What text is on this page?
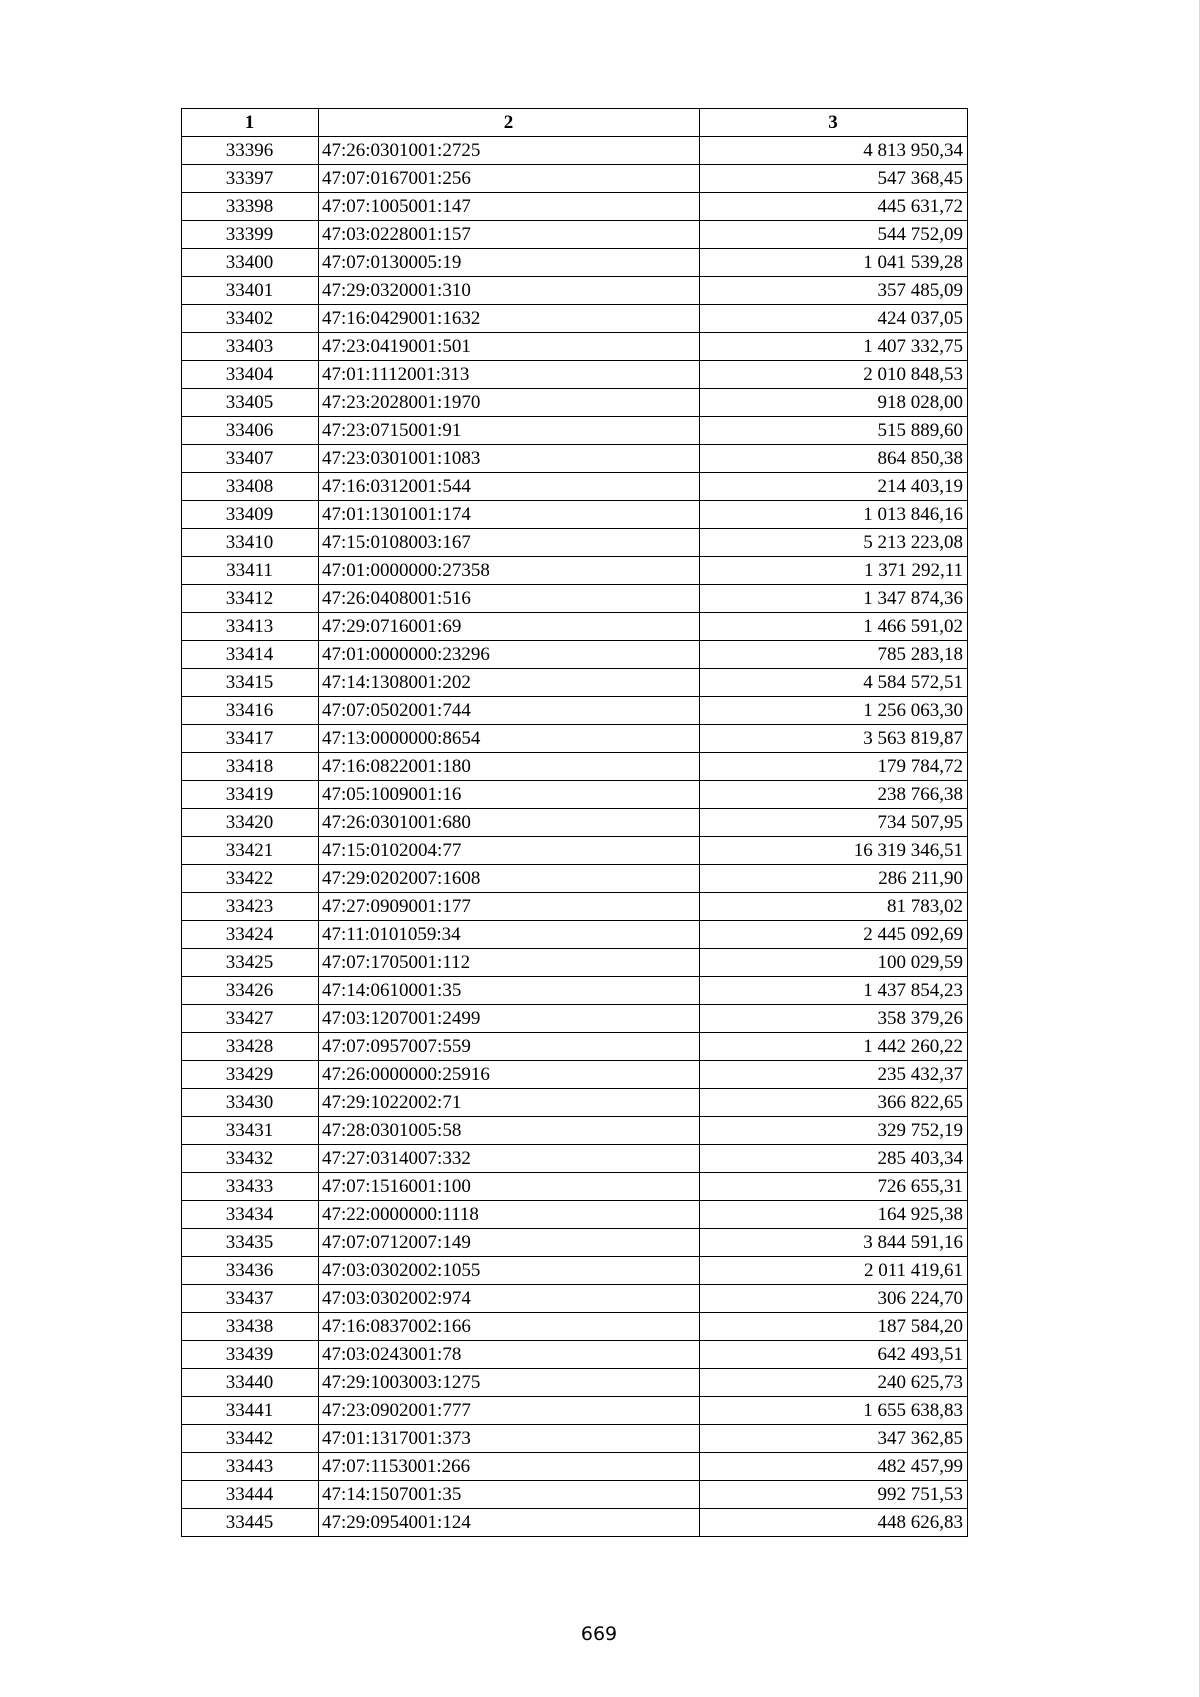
1	2	3
33396	47:26:0301001:2725	4 813 950,34
33397	47:07:0167001:256	547 368,45
33398	47:07:1005001:147	445 631,72
33399	47:03:0228001:157	544 752,09
33400	47:07:0130005:19	1 041 539,28
33401	47:29:0320001:310	357 485,09
33402	47:16:0429001:1632	424 037,05
33403	47:23:0419001:501	1 407 332,75
33404	47:01:1112001:313	2 010 848,53
33405	47:23:2028001:1970	918 028,00
33406	47:23:0715001:91	515 889,60
33407	47:23:0301001:1083	864 850,38
33408	47:16:0312001:544	214 403,19
33409	47:01:1301001:174	1 013 846,16
33410	47:15:0108003:167	5 213 223,08
33411	47:01:0000000:27358	1 371 292,11
33412	47:26:0408001:516	1 347 874,36
33413	47:29:0716001:69	1 466 591,02
33414	47:01:0000000:23296	785 283,18
33415	47:14:1308001:202	4 584 572,51
33416	47:07:0502001:744	1 256 063,30
33417	47:13:0000000:8654	3 563 819,87
33418	47:16:0822001:180	179 784,72
33419	47:05:1009001:16	238 766,38
33420	47:26:0301001:680	734 507,95
33421	47:15:0102004:77	16 319 346,51
33422	47:29:0202007:1608	286 211,90
33423	47:27:0909001:177	81 783,02
33424	47:11:0101059:34	2 445 092,69
33425	47:07:1705001:112	100 029,59
33426	47:14:0610001:35	1 437 854,23
33427	47:03:1207001:2499	358 379,26
33428	47:07:0957007:559	1 442 260,22
33429	47:26:0000000:25916	235 432,37
33430	47:29:1022002:71	366 822,65
33431	47:28:0301005:58	329 752,19
33432	47:27:0314007:332	285 403,34
33433	47:07:1516001:100	726 655,31
33434	47:22:0000000:1118	164 925,38
33435	47:07:0712007:149	3 844 591,16
33436	47:03:0302002:1055	2 011 419,61
33437	47:03:0302002:974	306 224,70
33438	47:16:0837002:166	187 584,20
33439	47:03:0243001:78	642 493,51
33440	47:29:1003003:1275	240 625,73
33441	47:23:0902001:777	1 655 638,83
33442	47:01:1317001:373	347 362,85
33443	47:07:1153001:266	482 457,99
33444	47:14:1507001:35	992 751,53
33445	47:29:0954001:124	448 626,83
669
